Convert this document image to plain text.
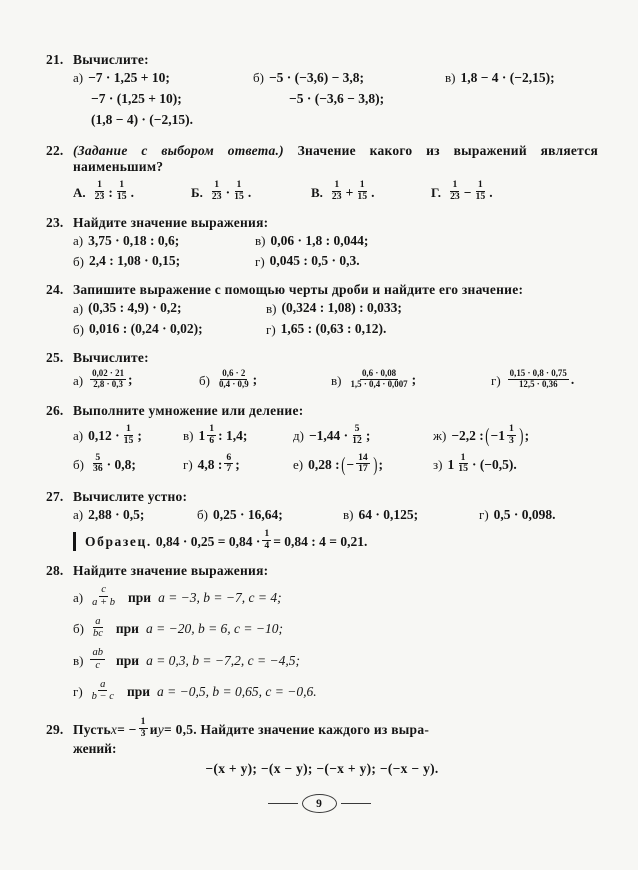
21. Вычислите:
а) −7 · 1,25 + 10;	б) −5 · (−3,6) − 3,8;	в) 1,8 − 4 · (−2,15);
−7 · (1,25 + 10);	−5 · (−3,6 − 3,8);
(1,8 − 4) · (−2,15).
22. (Задание с выбором ответа.) Значение какого из выражений является наименьшим?
А. $\frac{1}{23}$ : $\frac{1}{15}$ .	Б. $\frac{1}{23} \cdot \frac{1}{15}$ .	В. $\frac{1}{23} + \frac{1}{15}$ .	Г. $\frac{1}{23} - \frac{1}{15}$ .
23. Найдите значение выражения:
а) 3,75 · 0,18 : 0,6;	в) 0,06 · 1,8 : 0,044;
б) 2,4 : 1,08 · 0,15;	г) 0,045 : 0,5 · 0,3.
24. Запишите выражение с помощью черты дроби и найдите его значение:
а) (0,35 : 4,9) · 0,2;	в) (0,324 : 1,08) : 0,033;
б) 0,016 : (0,24 · 0,02);	г) 1,65 : (0,63 : 0,12).
25. Вычислите:
$а) \frac{0,02 \cdot 21}{2,8 \cdot 0,3}$ ;	$б) \frac{0,6 \cdot 2}{0,4 \cdot 0,9}$ ;	$в) \frac{0,6 \cdot 0,08}{1,5 \cdot 0,4 \cdot 0,007}$ ;	$г) \frac{0,15 \cdot 0,8 \cdot 0,75}{12,5 \cdot 0,36}$ .
26. Выполните умножение или деление:
а) $0,12 \cdot \frac{1}{15}$ ;	в) $1 \frac{1}{6}$ : 1,4;	$д) -1,44 \cdot \frac{5}{12}$ ;	ж) −2,2 : ( $-1 \frac{1}{3}$ ) ;
$б) \frac{5}{36} \cdot 0,8$;	г) 4,8 : $\frac{6}{7}$ ;	е) 0,28 : ( − $\frac{14}{17}$ ) ;	з) $1 \frac{1}{15} \cdot (-0,5)$.
27. Вычислите устно:
а) 2,88 · 0,5;	б) 0,25 · 16,64;	в) 64 · 0,125;	г) 0,5 · 0,098.
Образец. $0,84 \cdot 0,25 = 0,84 \cdot \frac{1}{4} = 0,84$ : 4 = 0,21.
28. Найдите значение выражения:
$а) \frac{c}{a + b}$ при a = −3, b = −7, c = 4;
$б) \frac{a}{bc}$ при a = −20, b = 6, c = −10;
$в) \frac{ab}{c}$ при a = 0,3, b = −7,2, c = −4,5;
$г) \frac{a}{b - c}$ при a = −0,5, b = 0,65, c = −0,6.
29. Пусть x = − $\frac{1}{3}$ и y = 0,5. Найдите значение каждого из выра-
жений:
−(x + y); −(x − y); −(−x + y); −(−x − y).
9
